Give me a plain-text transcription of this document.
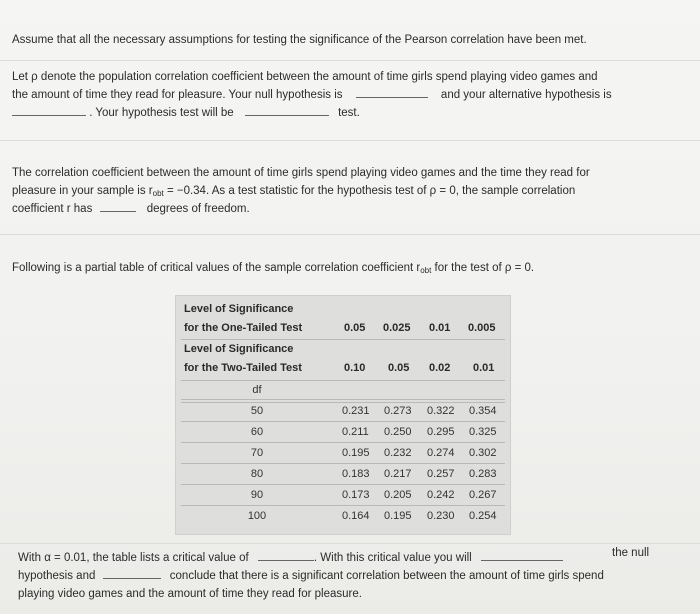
Assume that all the necessary assumptions for testing the significance of the Pearson correlation have been met.
Let ρ denote the population correlation coefficient between the amount of time girls spend playing video games and
the amount of time they read for pleasure. Your null hypothesis is	and your alternative hypothesis is
. Your hypothesis test will be	test.
The correlation coefficient between the amount of time girls spend playing video games and the time they read for
pleasure in your sample is $r_{obt} = -0.34$. As a test statistic for the hypothesis test of ρ = 0, the sample correlation
coefficient r has	degrees of freedom.
Following is a partial table of critical values of the sample correlation coefficient $r_{obt}$ for the test of ρ = 0.
Level of Significance
for the One-Tailed Test	0.05 0.025 0.01 0.005
Level of Significance
for the Two-Tailed Test	0.10 0.05 0.02 0.01
df
50	0.231 0.273 0.322 0.354
60	0.211 0.250 0.295 0.325
70	0.195 0.232 0.274 0.302
80	0.183 0.217 0.257 0.283
90	0.173 0.205 0.242 0.267
100	0.164 0.195 0.230 0.254
With α = 0.01, the table lists a critical value of	. With this critical value you will	the null
hypothesis and	conclude that there is a significant correlation between the amount of time girls spend
playing video games and the amount of time they read for pleasure.
